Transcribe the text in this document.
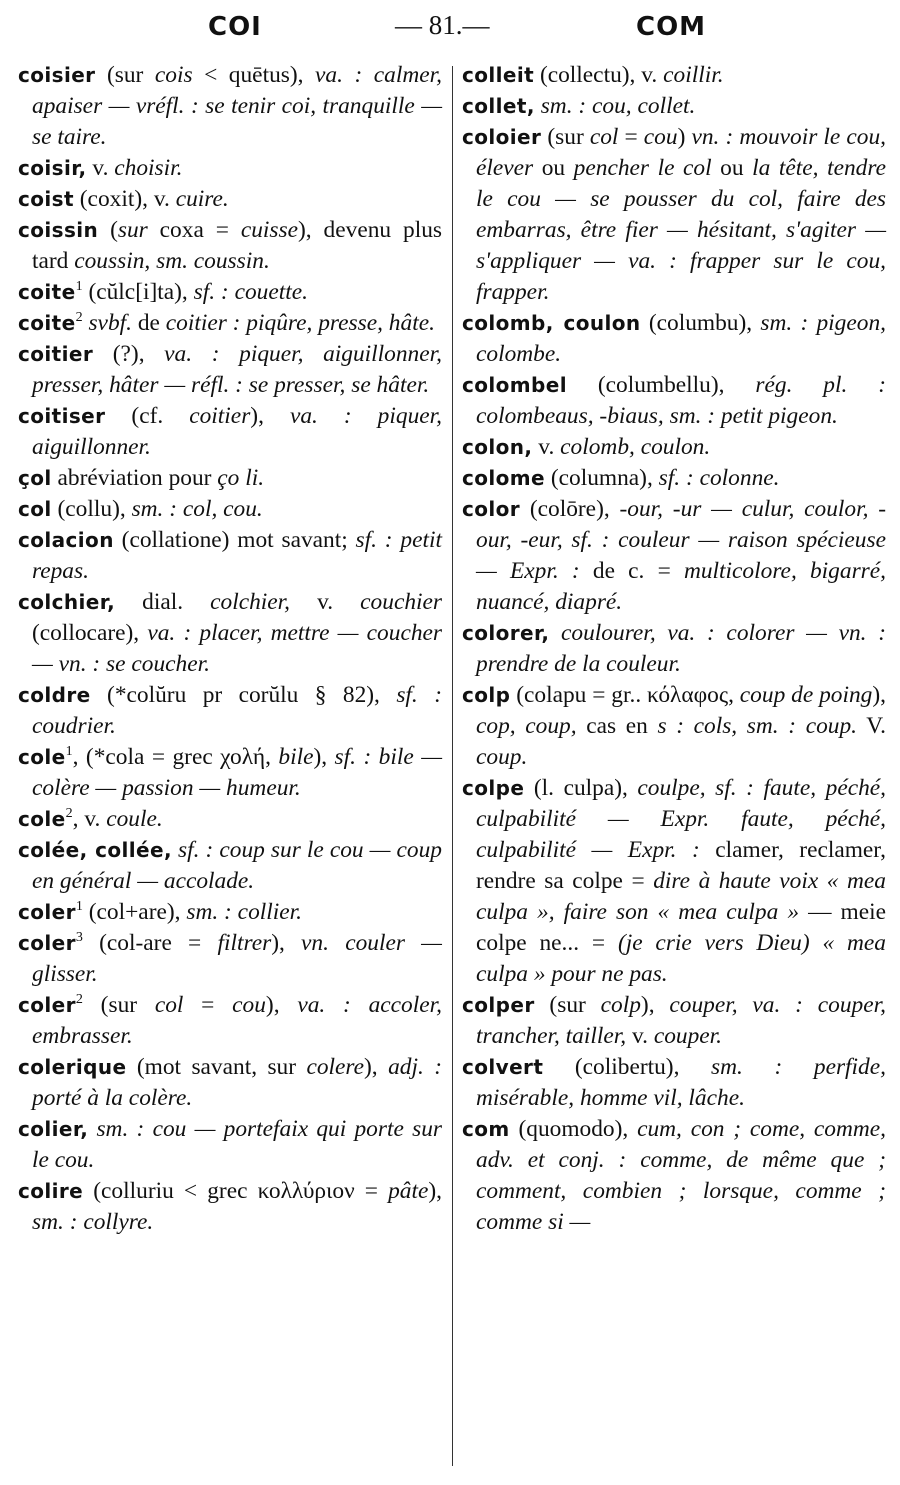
COI	— 81.—	COM

coisier (sur cois < quētus), va. : calmer, apaiser — vréfl. : se tenir coi, tranquille — se taire.

coisir, v. choisir.

coist (coxit), v. cuire.

coissin (sur coxa = cuisse), devenu plus tard coussin, sm. coussin.

coite$^1$ (cŭlc[i]ta), sf. : couette.

coite$^2$ svbf. de coitier : piqûre, presse, hâte.

coitier (?), va. : piquer, aiguillonner, presser, hâter — réfl. : se presser, se hâter.

coitiser (cf. coitier), va. : piquer, aiguillonner.

çol abréviation pour ço li.

col (collu), sm. : col, cou.

colacion (collatione) mot savant; sf. : petit repas.

colchier, dial. colchier, v. couchier (collocare), va. : placer, mettre — coucher — vn. : se coucher.

coldre (*colŭru pr corŭlu § 82), sf. : coudrier.

cole$^1$, (*cola = grec χολή, bile), sf. : bile — colère — passion — humeur.

cole$^2$, v. coule.

colée, collée, sf. : coup sur le cou — coup en général — accolade.

coler$^1$ (col+are), sm. : collier.

coler$^3$ (col-are = filtrer), vn. couler — glisser.

coler$^2$ (sur col = cou), va. : accoler, embrasser.

colerique (mot savant, sur colere), adj. : porté à la colère.

colier, sm. : cou — portefaix qui porte sur le cou.

colire (colluriu < grec κολλύριον = pâte), sm. : collyre.

colleit (collectu), v. coillir.

collet, sm. : cou, collet.

coloier (sur col = cou) vn. : mouvoir le cou, élever ou pencher le col ou la tête, tendre le cou — se pousser du col, faire des embarras, être fier — hésitant, s'agiter — s'appliquer — va. : frapper sur le cou, frapper.

colomb, coulon (columbu), sm. : pigeon, colombe.

colombel (columbellu), rég. pl. : colombeaus, -biaus, sm. : petit pigeon.

colon, v. colomb, coulon.

colome (columna), sf. : colonne.

color (colōre), -our, -ur — culur, coulor, -our, -eur, sf. : couleur — raison spécieuse — Expr. : de c. = multicolore, bigarré, nuancé, diapré.

colorer, coulourer, va. : colorer — vn. : prendre de la couleur.

colp (colapu = gr.. κόλαφος, coup de poing), cop, coup, cas en s : cols, sm. : coup. V. coup.

colpe (l. culpa), coulpe, sf. : faute, péché, culpabilité — Expr. faute, péché, culpabilité — Expr. : clamer, reclamer, rendre sa colpe = dire à haute voix « mea culpa », faire son « mea culpa » — meie colpe ne... = (je crie vers Dieu) « mea culpa » pour ne pas.

colper (sur colp), couper, va. : couper, trancher, tailler, v. couper.

colvert (colibertu), sm. : perfide, misérable, homme vil, lâche.

com (quomodo), cum, con ; come, comme, adv. et conj. : comme, de même que ; comment, combien ; lorsque, comme ; comme si —
